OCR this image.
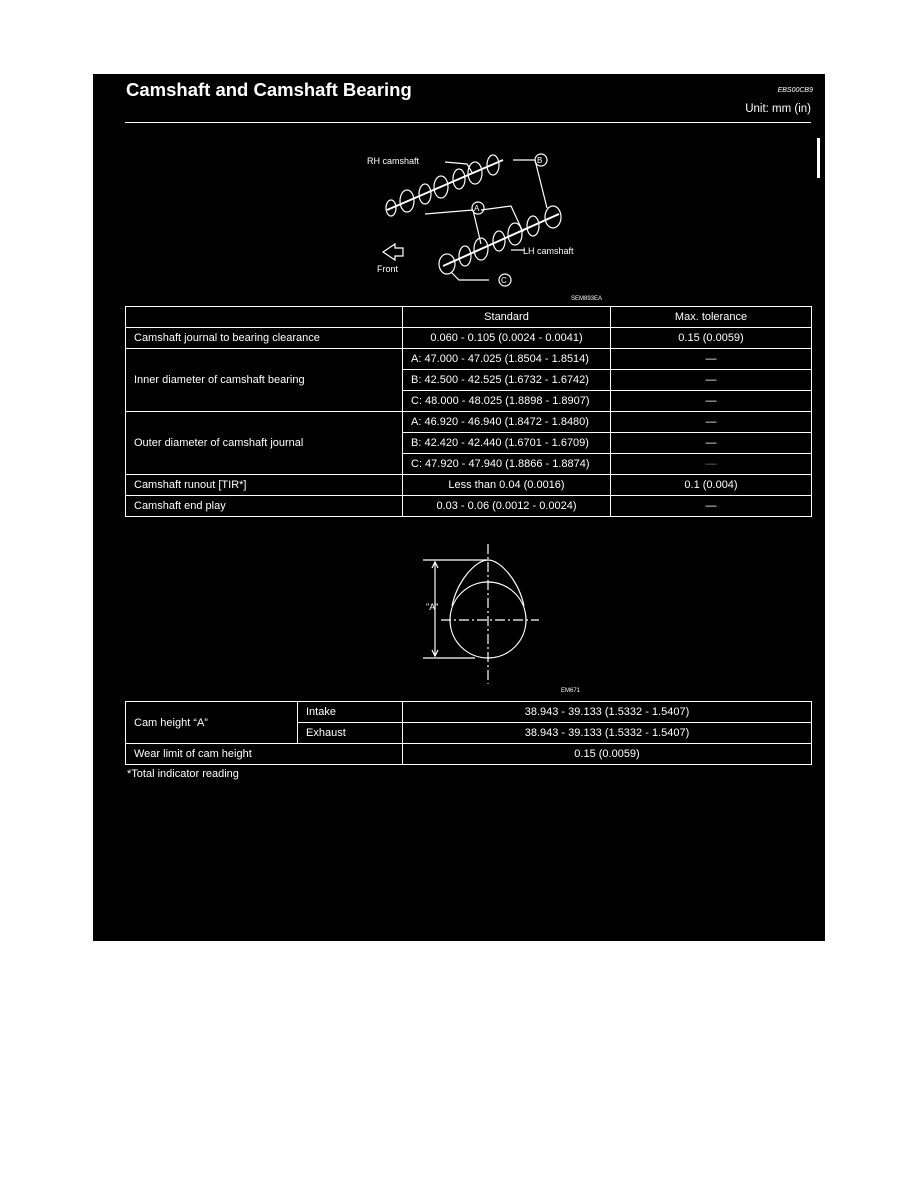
Camshaft and Camshaft Bearing	EBS00CB9
Unit: mm (in)
RH camshaft
A
B
C
LH camshaft
Front
SEM893EA
	Standard	Max. tolerance
Camshaft journal to bearing clearance	0.060 - 0.105 (0.0024 - 0.0041)	0.15 (0.0059)
Inner diameter of camshaft bearing	A: 47.000 - 47.025 (1.8504 - 1.8514)	—
	B: 42.500 - 42.525 (1.6732 - 1.6742)	—
	C: 48.000 - 48.025 (1.8898 - 1.8907)	—
Outer diameter of camshaft journal	A: 46.920 - 46.940 (1.8472 - 1.8480)	—
	B: 42.420 - 42.440 (1.6701 - 1.6709)	—
	C: 47.920 - 47.940 (1.8866 - 1.8874)	—
Camshaft runout [TIR*]	Less than 0.04 (0.0016)	0.1 (0.004)
Camshaft end play	0.03 - 0.06 (0.0012 - 0.0024)	—
"A"
EM671
Cam height “A”	Intake	38.943 - 39.133 (1.5332 - 1.5407)
	Exhaust	38.943 - 39.133 (1.5332 - 1.5407)
Wear limit of cam height		0.15 (0.0059)
*Total indicator reading
